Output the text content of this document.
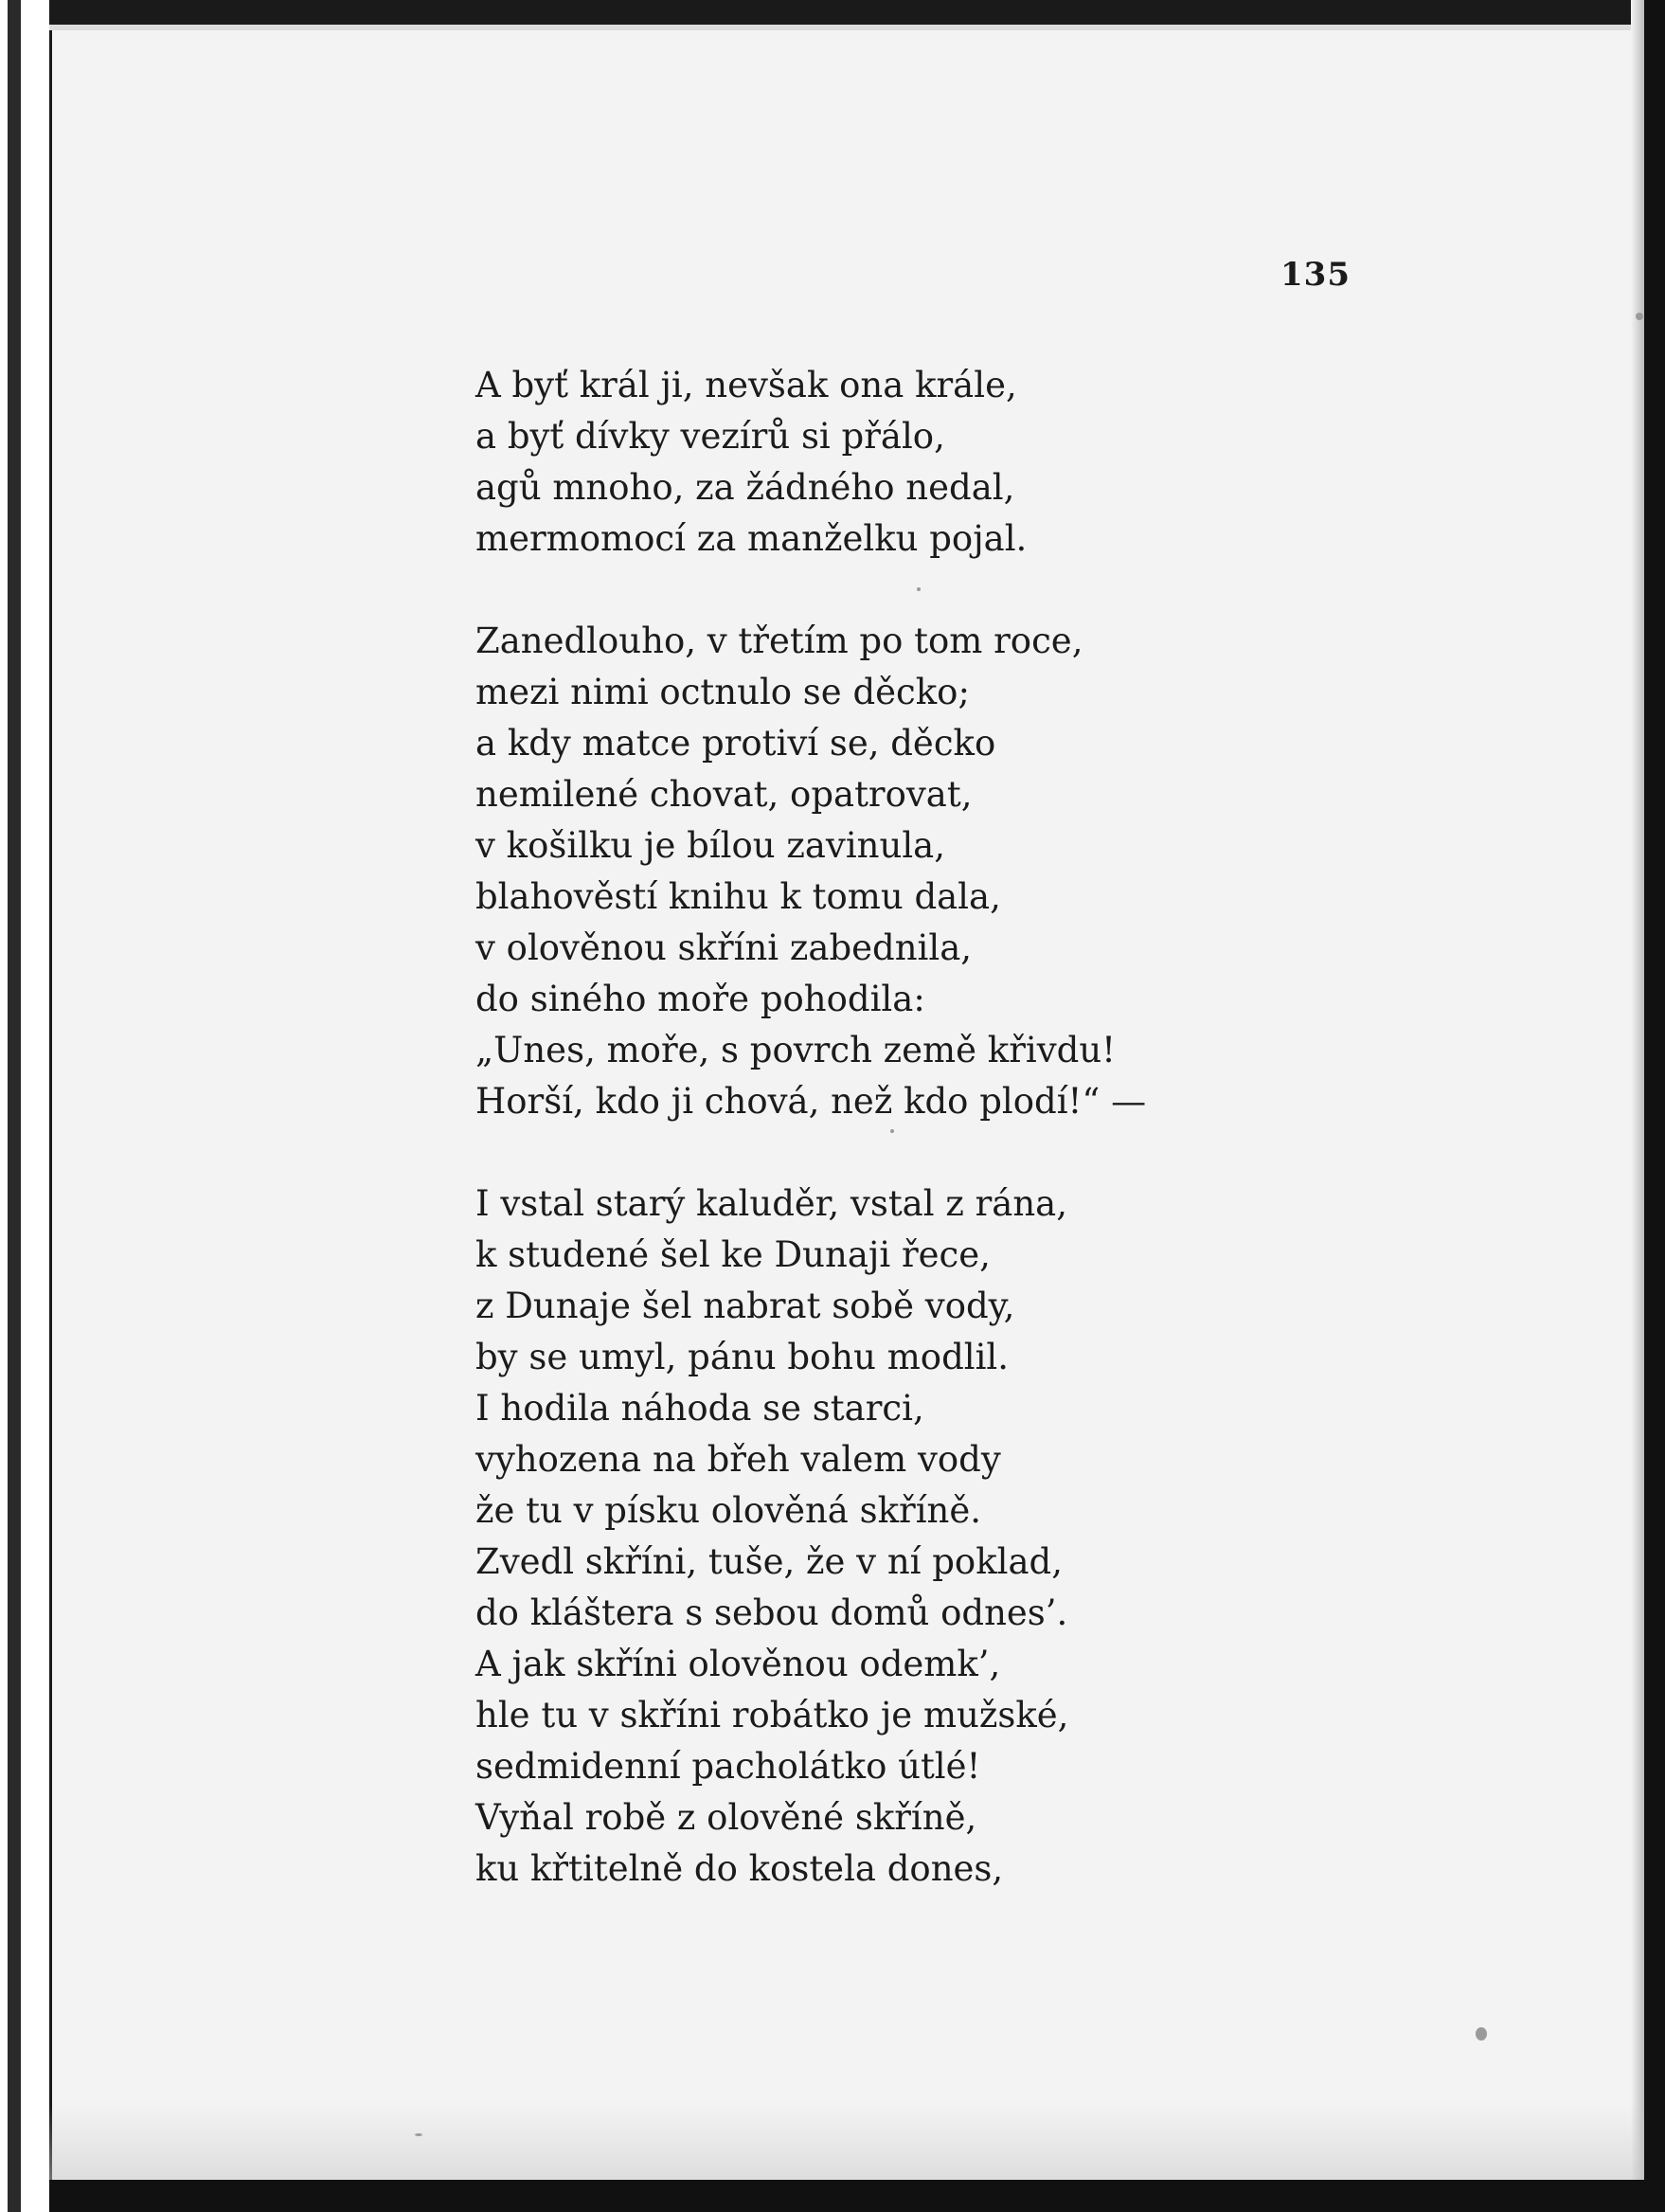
135
A byť král ji, nevšak ona krále,
a byť dívky vezírů si přálo,
agů mnoho, za žádného nedal,
mermomocí za manželku pojal.
Zanedlouho, v třetím po tom roce,
mezi nimi octnulo se děcko;
a kdy matce protiví se, děcko
nemilené chovat, opatrovat,
v košilku je bílou zavinula,
blahověstí knihu k tomu dala,
v olověnou skříni zabednila,
do siného moře pohodila:
„Unes, moře, s povrch země křivdu!
Horší, kdo ji chová, než kdo plodí!“ —
I vstal starý kaluděr, vstal z rána,
k studené šel ke Dunaji řece,
z Dunaje šel nabrat sobě vody,
by se umyl, pánu bohu modlil.
I hodila náhoda se starci,
vyhozena na břeh valem vody
že tu v písku olověná skříně.
Zvedl skříni, tuše, že v ní poklad,
do kláštera s sebou domů odnes’.
A jak skříni olověnou odemk’,
hle tu v skříni robátko je mužské,
sedmidenní pacholátko útlé!
Vyňal robě z olověné skříně,
ku křtitelně do kostela dones,
